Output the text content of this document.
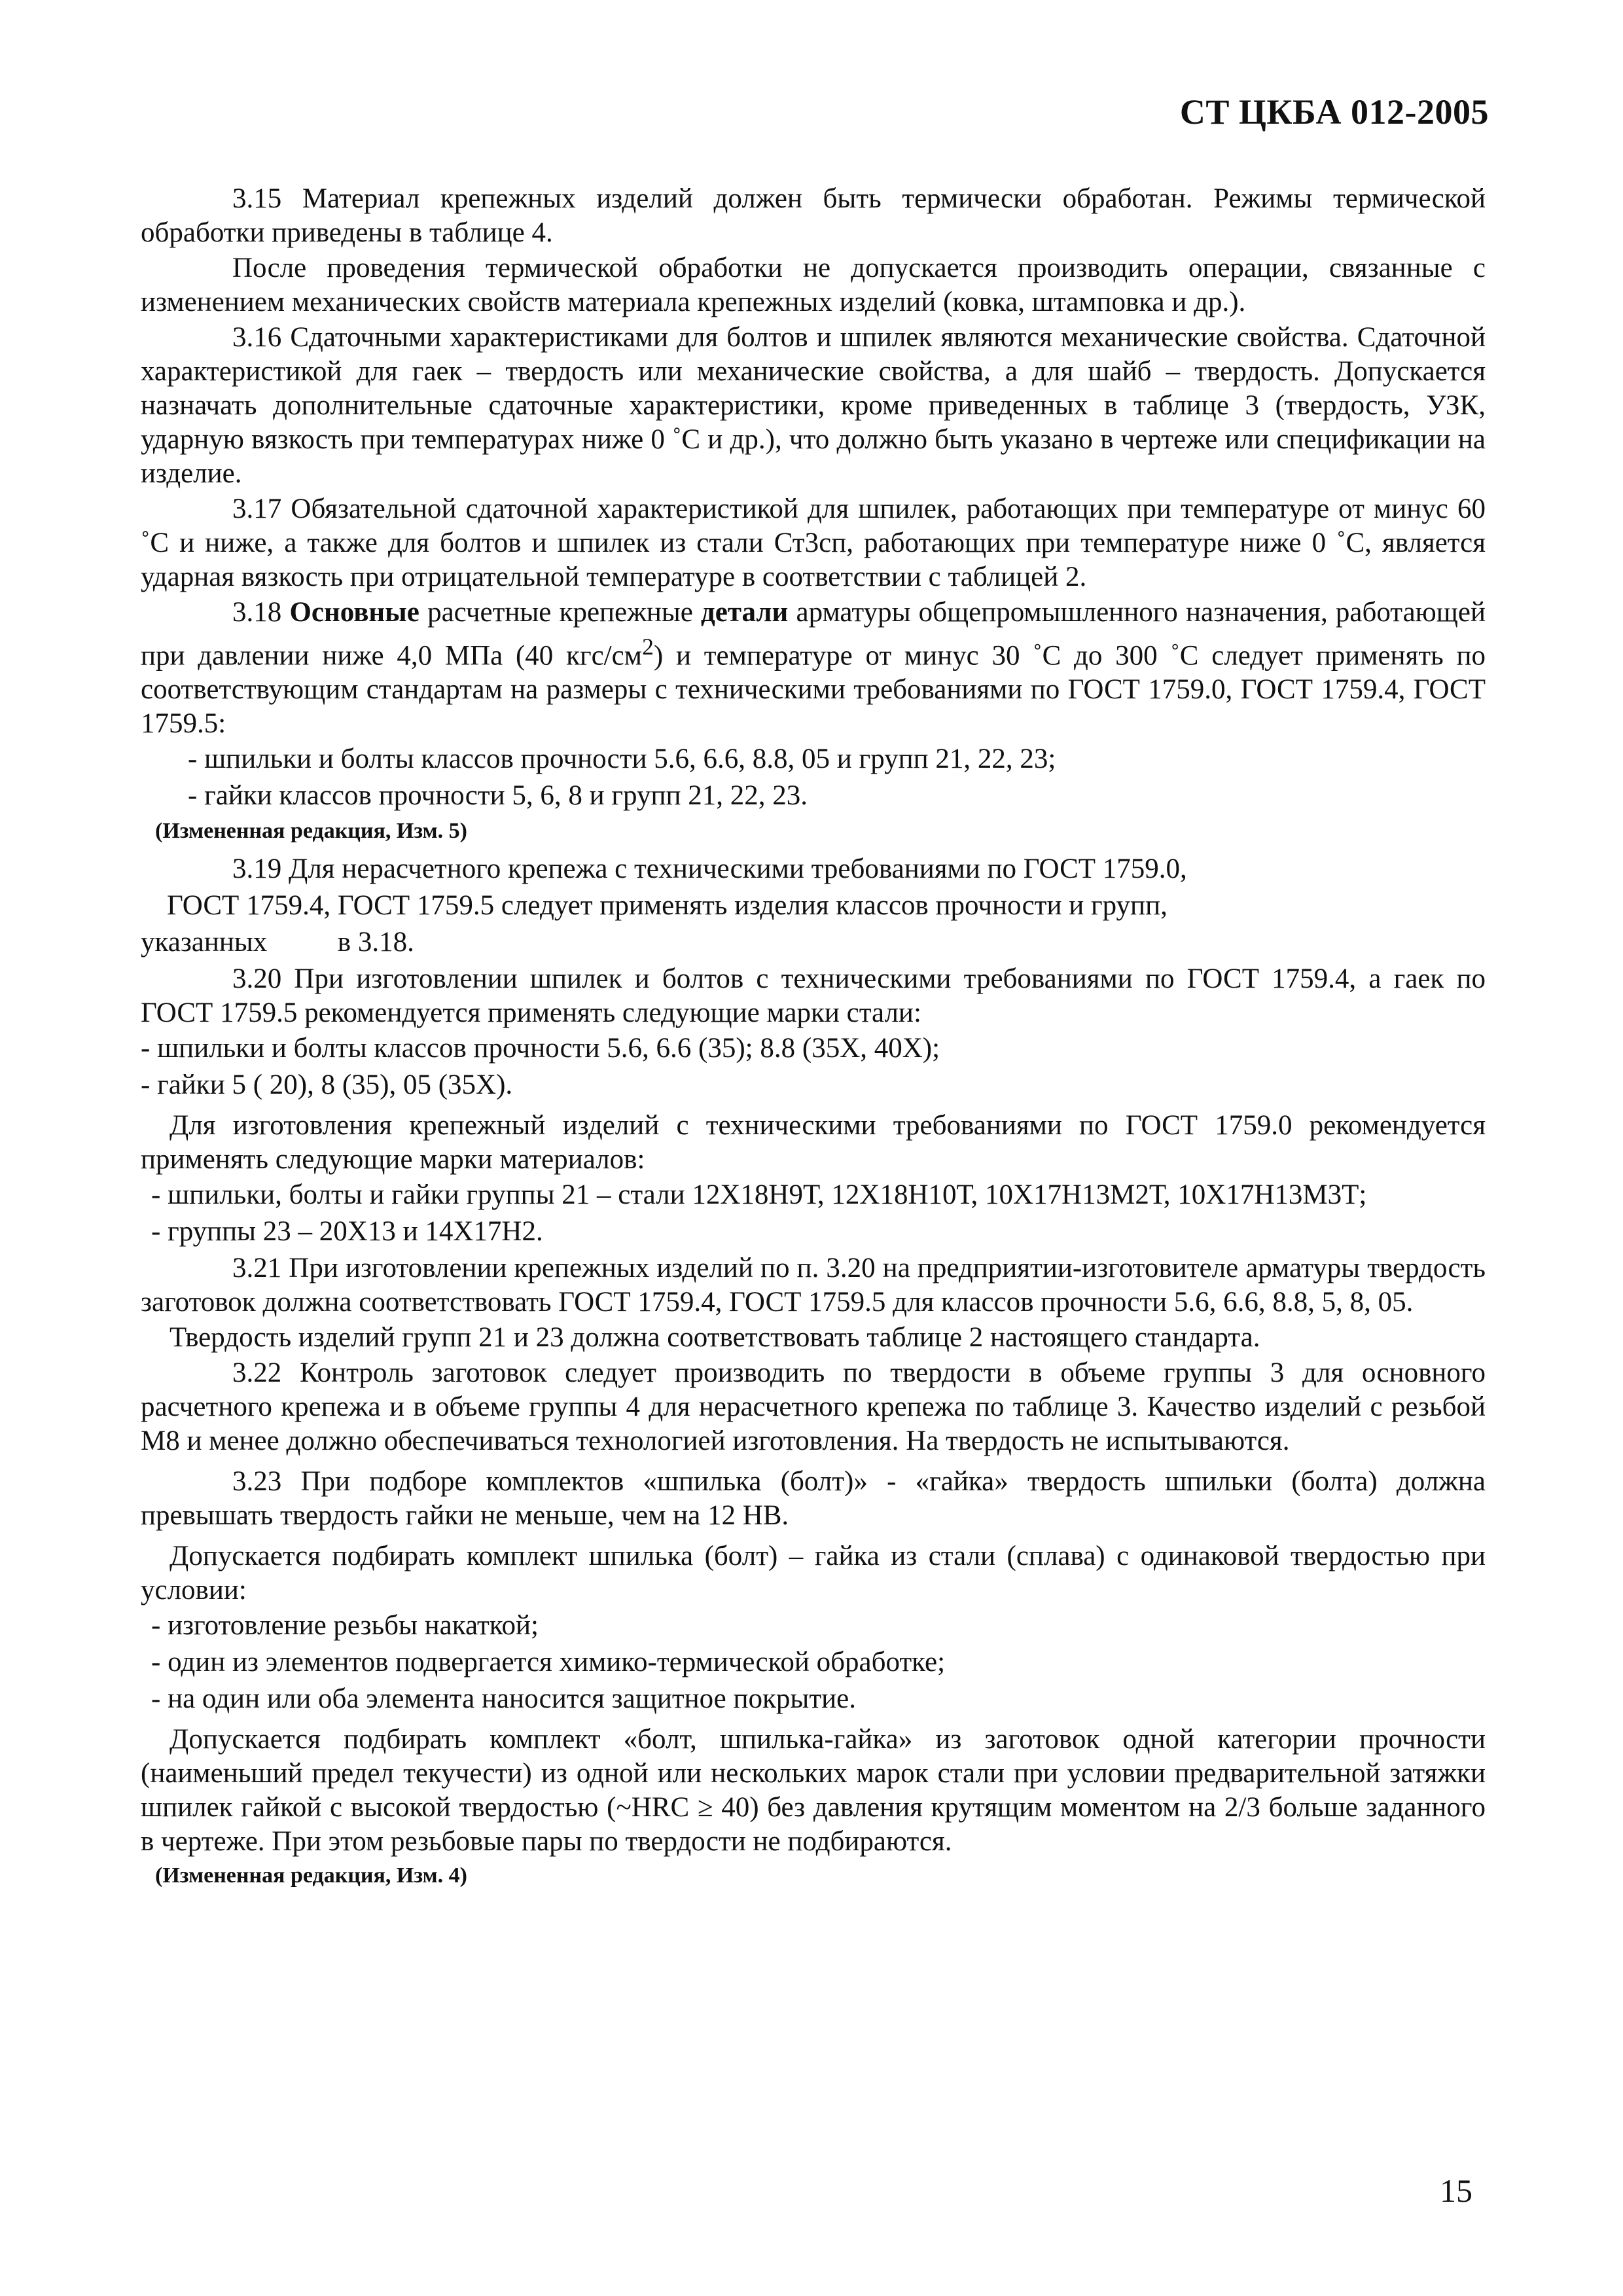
СТ ЦКБА 012-2005

3.15 Материал крепежных изделий должен быть термически обработан. Режимы термической обработки приведены в таблице 4.

После проведения термической обработки не допускается производить операции, связанные с изменением механических свойств материала крепежных изделий (ковка, штамповка и др.).

3.16 Сдаточными характеристиками для болтов и шпилек являются механические свойства. Сдаточной характеристикой для гаек – твердость или механические свойства, а для шайб – твердость. Допускается назначать дополнительные сдаточные характеристики, кроме приведенных в таблице 3 (твердость, УЗК, ударную вязкость при температурах ниже 0 ˚С и др.), что должно быть указано в чертеже или спецификации на изделие.

3.17 Обязательной сдаточной характеристикой для шпилек, работающих при температуре от минус 60 ˚С и ниже, а также для болтов и шпилек из стали Ст3сп, работающих при температуре ниже 0 ˚С, является ударная вязкость при отрицательной температуре в соответствии с таблицей 2.

3.18 Основные расчетные крепежные детали арматуры общепромышленного назначения, работающей при давлении ниже 4,0 МПа (40 кгс/$см^2$) и температуре от минус 30 ˚С до 300 ˚С следует применять по соответствующим стандартам на размеры с техническими требованиями по ГОСТ 1759.0, ГОСТ 1759.4, ГОСТ 1759.5:

- шпильки и болты классов прочности 5.6, 6.6, 8.8, 05 и групп 21, 22, 23;

- гайки классов прочности 5, 6, 8 и групп 21, 22, 23.

(Измененная редакция, Изм. 5)

3.19 Для нерасчетного крепежа с техническими требованиями по ГОСТ 1759.0,

ГОСТ 1759.4, ГОСТ 1759.5 следует применять изделия классов прочности и групп,

указанных          в 3.18.

3.20 При изготовлении шпилек и болтов с техническими требованиями по ГОСТ 1759.4, а гаек по ГОСТ 1759.5 рекомендуется применять следующие марки стали:

- шпильки и болты классов прочности 5.6, 6.6 (35); 8.8 (35Х, 40Х);

- гайки 5 ( 20), 8 (35), 05 (35Х).

Для изготовления крепежный изделий с техническими требованиями по ГОСТ 1759.0 рекомендуется применять следующие марки материалов:

- шпильки, болты и гайки группы 21 – стали 12Х18Н9Т, 12Х18Н10Т, 10Х17Н13М2Т, 10Х17Н13М3Т;

- группы 23 – 20Х13 и 14Х17Н2.

3.21 При изготовлении крепежных изделий по п. 3.20 на предприятии-изготовителе арматуры твердость заготовок должна соответствовать ГОСТ 1759.4, ГОСТ 1759.5 для классов прочности 5.6, 6.6, 8.8, 5, 8, 05.

Твердость изделий групп 21 и 23 должна соответствовать таблице 2 настоящего стандарта.

3.22 Контроль заготовок следует производить по твердости в объеме группы 3 для основного расчетного крепежа и в объеме группы 4 для нерасчетного крепежа по таблице 3. Качество изделий с резьбой М8 и менее должно обеспечиваться технологией изготовления. На твердость не испытываются.

3.23 При подборе комплектов «шпилька (болт)» - «гайка» твердость шпильки (болта) должна превышать твердость гайки не меньше, чем на 12 НВ.

Допускается подбирать комплект шпилька (болт) – гайка из стали (сплава) с одинаковой твердостью при условии:

- изготовление резьбы накаткой;

- один из элементов подвергается химико-термической обработке;

- на один или оба элемента наносится защитное покрытие.

Допускается подбирать комплект «болт, шпилька-гайка» из заготовок одной категории прочности (наименьший предел текучести) из одной или нескольких марок стали при условии предварительной затяжки шпилек гайкой с высокой твердостью (~HRC ≥ 40) без давления крутящим моментом на 2/3 больше заданного в чертеже. При этом резьбовые пары по твердости не подбираются.

(Измененная редакция, Изм. 4)

15
